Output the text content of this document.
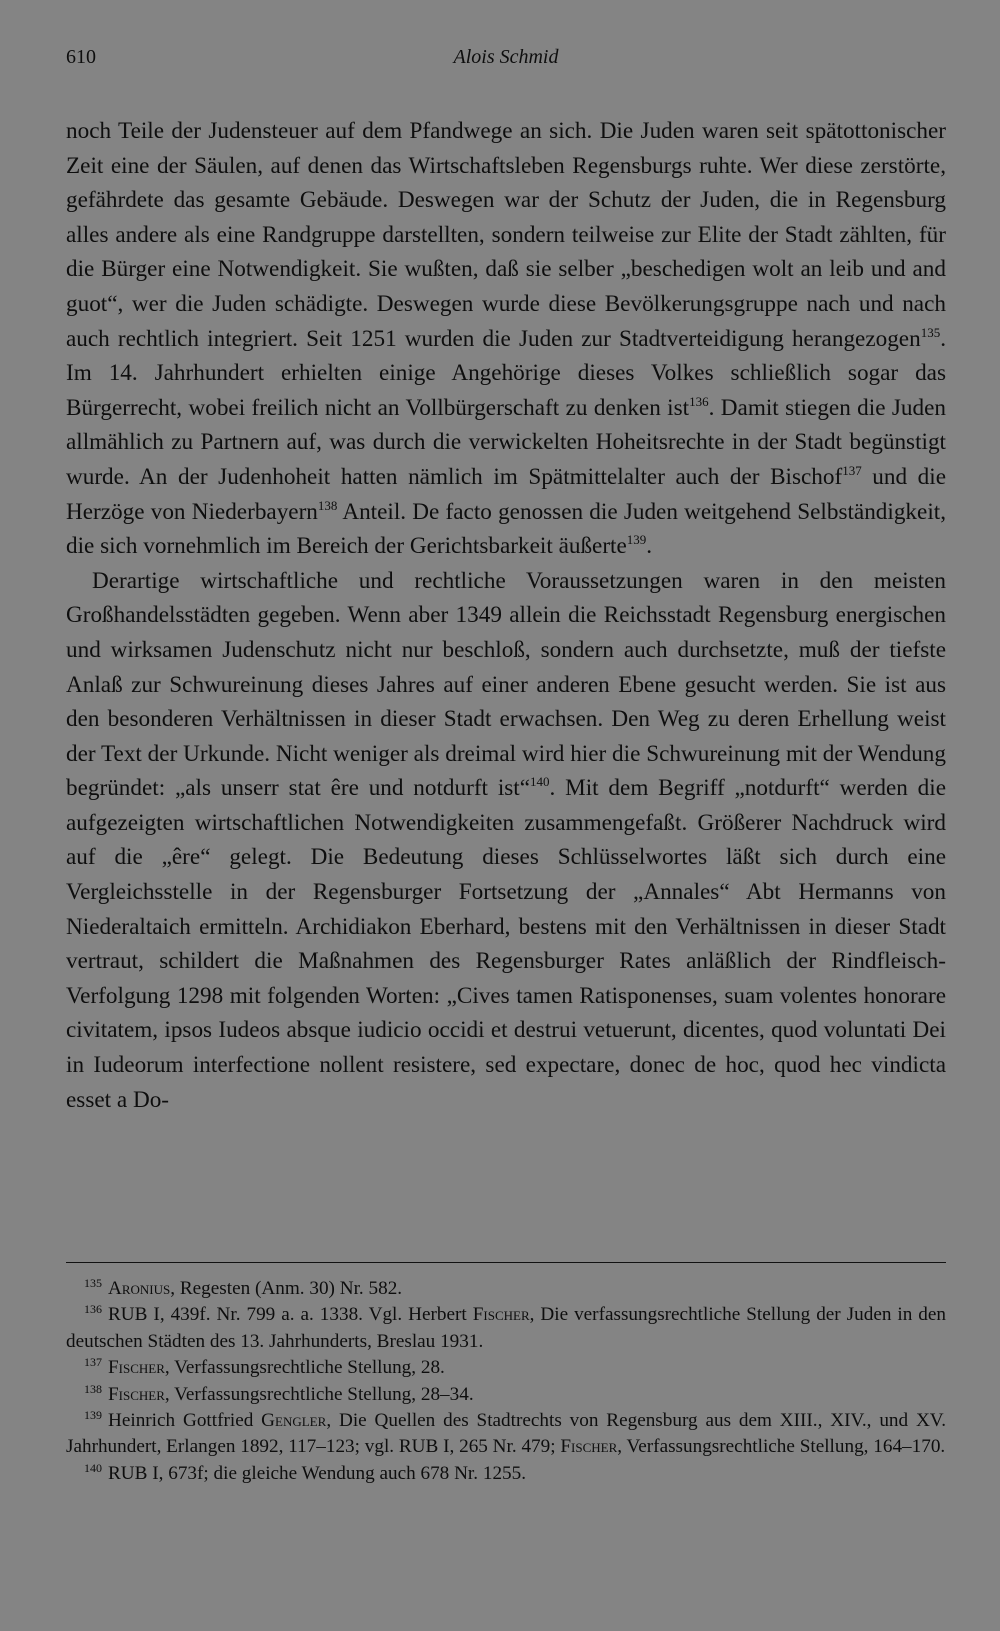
610	Alois Schmid

noch Teile der Judensteuer auf dem Pfandwege an sich. Die Juden waren seit spätottonischer Zeit eine der Säulen, auf denen das Wirtschaftsleben Regensburgs ruhte. Wer diese zerstörte, gefährdete das gesamte Gebäude. Deswegen war der Schutz der Juden, die in Regensburg alles andere als eine Randgruppe darstellten, sondern teilweise zur Elite der Stadt zählten, für die Bürger eine Notwendigkeit. Sie wußten, daß sie selber „beschedigen wolt an leib und and guot“, wer die Juden schädigte. Deswegen wurde diese Bevölkerungsgruppe nach und nach auch rechtlich integriert. Seit 1251 wurden die Juden zur Stadtverteidigung herangezogen$^{135}$. Im 14. Jahrhundert erhielten einige Angehörige dieses Volkes schließlich sogar das Bürgerrecht, wobei freilich nicht an Vollbürgerschaft zu denken ist$^{136}$. Damit stiegen die Juden allmählich zu Partnern auf, was durch die verwickelten Hoheitsrechte in der Stadt begünstigt wurde. An der Judenhoheit hatten nämlich im Spätmittelalter auch der Bischof$^{137}$ und die Herzöge von Niederbayern$^{138}$ Anteil. De facto genossen die Juden weitgehend Selbständigkeit, die sich vornehmlich im Bereich der Gerichtsbarkeit äußerte$^{139}$.

Derartige wirtschaftliche und rechtliche Voraussetzungen waren in den meisten Großhandelsstädten gegeben. Wenn aber 1349 allein die Reichsstadt Regensburg energischen und wirksamen Judenschutz nicht nur beschloß, sondern auch durchsetzte, muß der tiefste Anlaß zur Schwureinung dieses Jahres auf einer anderen Ebene gesucht werden. Sie ist aus den besonderen Verhältnissen in dieser Stadt erwachsen. Den Weg zu deren Erhellung weist der Text der Urkunde. Nicht weniger als dreimal wird hier die Schwureinung mit der Wendung begründet: „als unserr stat êre und notdurft ist“$^{140}$. Mit dem Begriff „notdurft“ werden die aufgezeigten wirtschaftlichen Notwendigkeiten zusammengefaßt. Größerer Nachdruck wird auf die „êre“ gelegt. Die Bedeutung dieses Schlüsselwortes läßt sich durch eine Vergleichsstelle in der Regensburger Fortsetzung der „Annales“ Abt Hermanns von Niederaltaich ermitteln. Archidiakon Eberhard, bestens mit den Verhältnissen in dieser Stadt vertraut, schildert die Maßnahmen des Regensburger Rates anläßlich der Rindfleisch-Verfolgung 1298 mit folgenden Worten: „Cives tamen Ratisponenses, suam volentes honorare civitatem, ipsos Iudeos absque iudicio occidi et destrui vetuerunt, dicentes, quod voluntati Dei in Iudeorum interfectione nollent resistere, sed expectare, donec de hoc, quod hec vindicta esset a Do-

$^{135}$ Aronius, Regesten (Anm. 30) Nr. 582.

$^{136}$ RUB I, 439f. Nr. 799 a. a. 1338. Vgl. Herbert Fischer, Die verfassungsrechtliche Stellung der Juden in den deutschen Städten des 13. Jahrhunderts, Breslau 1931.

$^{137}$ Fischer, Verfassungsrechtliche Stellung, 28.

$^{138}$ Fischer, Verfassungsrechtliche Stellung, 28–34.

$^{139}$ Heinrich Gottfried Gengler, Die Quellen des Stadtrechts von Regensburg aus dem XIII., XIV., und XV. Jahrhundert, Erlangen 1892, 117–123; vgl. RUB I, 265 Nr. 479; Fischer, Verfassungsrechtliche Stellung, 164–170.

$^{140}$ RUB I, 673f; die gleiche Wendung auch 678 Nr. 1255.
